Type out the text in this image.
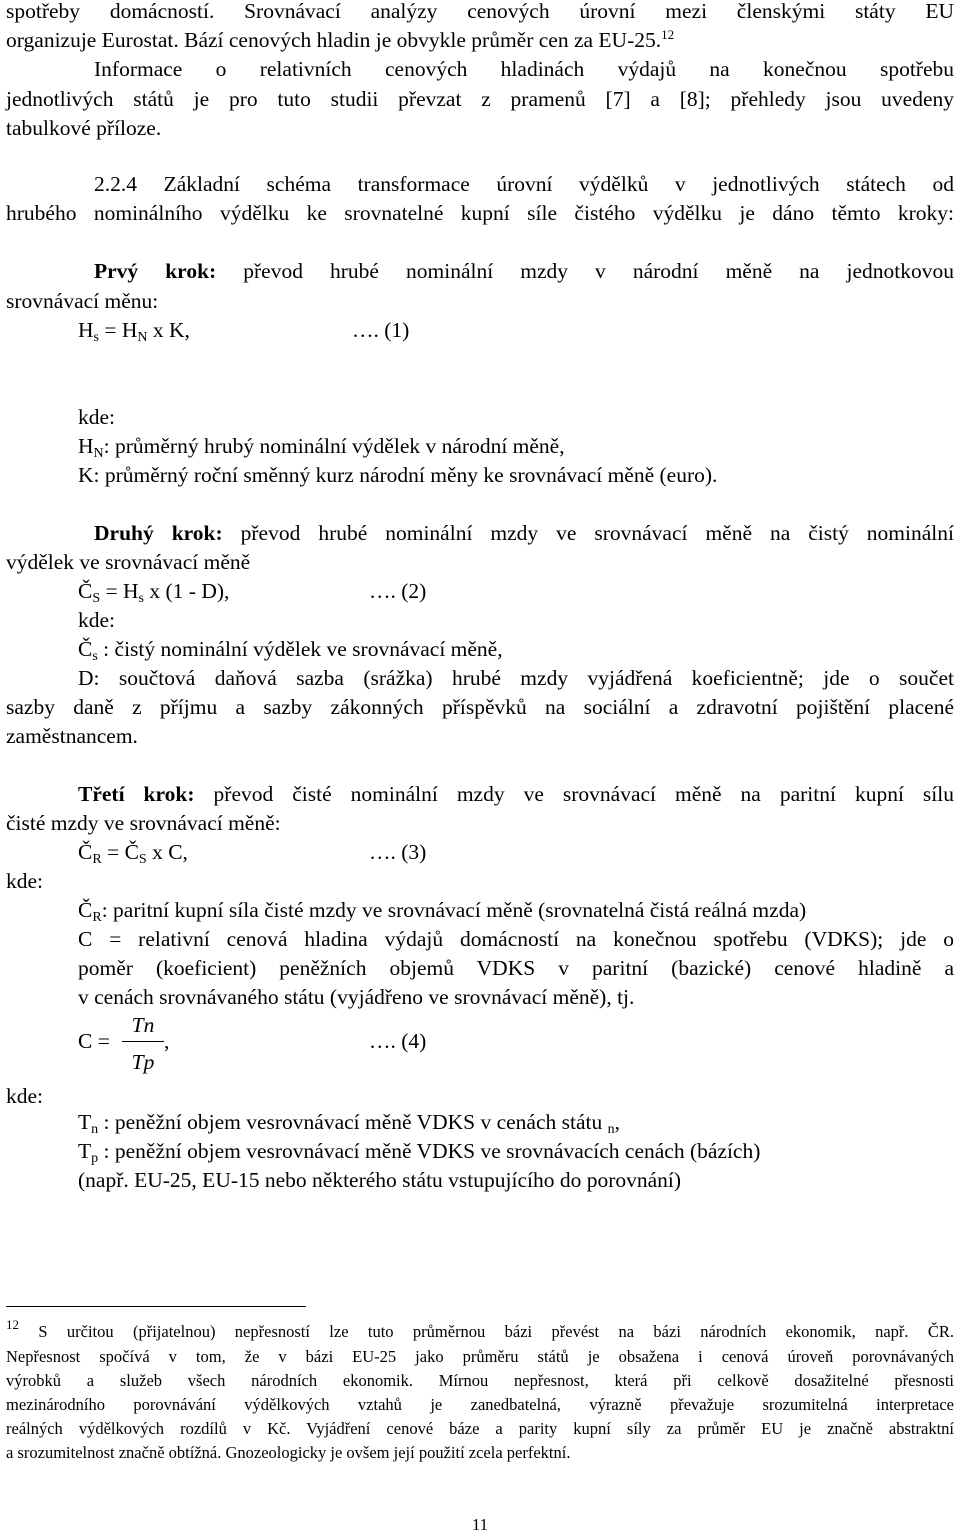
spotřeby domácností. Srovnávací analýzy cenových úrovní mezi členskými státy EU
organizuje Eurostat. Bází cenových hladin je obvykle průměr cen za EU-25.12
Informace o relativních cenových hladinách výdajů na konečnou spotřebu
jednotlivých států je pro tuto studii převzat z pramenů [7] a [8]; přehledy jsou uvedeny
tabulkové příloze.
2.2.4 Základní schéma transformace úrovní výdělků v jednotlivých státech od
hrubého nominálního výdělku ke srovnatelné kupní síle čistého výdělku je dáno těmto kroky:
Prvý krok: převod hrubé nominální mzdy v národní měně na jednotkovou
srovnávací měnu:
$H_s = H_N$ x K,	…. (1)
kde:
$H_N$: průměrný hrubý nominální výdělek v národní měně,
K: průměrný roční směnný kurz národní měny ke srovnávací měně (euro).
Druhý krok: převod hrubé nominální mzdy ve srovnávací měně na čistý nominální
výdělek ve srovnávací měně
$Č_S = H_s$ x (1 - D),	…. (2)
kde:
$Č_s$ : čistý nominální výdělek ve srovnávací měně,
D: součtová daňová sazba (srážka) hrubé mzdy vyjádřená koeficientně; jde o součet
sazby daně z příjmu a sazby zákonných příspěvků na sociální a zdravotní pojištění placené
zaměstnancem.
Třetí krok: převod čisté nominální mzdy ve srovnávací měně na paritní kupní sílu
čisté mzdy ve srovnávací měně:
$Č_R$ = $Č_S$ x C,	…. (3)
kde:
$Č_R$: paritní kupní síla čisté mzdy ve srovnávací měně (srovnatelná čistá reálná mzda)
C = relativní cenová hladina výdajů domácností na konečnou spotřebu (VDKS); jde o
poměr (koeficient) peněžních objemů VDKS v paritní (bazické) cenové hladině a
v cenách srovnávaného státu (vyjádřeno ve srovnávací měně), tj.
C =
Tn
Tp
,	…. (4)
kde:
$T_n$ : peněžní objem vesrovnávací měně VDKS v cenách státu $_n$,
$T_p$ : peněžní objem vesrovnávací měně VDKS ve srovnávacích cenách (bázích)
(např. EU-25, EU-15 nebo některého státu vstupujícího do porovnání)
$^{12}$ S určitou (přijatelnou) nepřesností lze tuto průměrnou bázi převést na bázi národních ekonomik, např. ČR.
Nepřesnost spočívá v tom, že v bázi EU-25 jako průměru států je obsažena i cenová úroveň porovnávaných
výrobků a služeb všech národních ekonomik. Mírnou nepřesnost, která při celkově dosažitelné přesnosti
mezinárodního porovnávání výdělkových vztahů je zanedbatelná, výrazně převažuje srozumitelná interpretace
reálných výdělkových rozdílů v Kč. Vyjádření cenové báze a parity kupní síly za průměr EU je značně abstraktní
a srozumitelnost značně obtížná. Gnozeologicky je ovšem její použití zcela perfektní.
11
